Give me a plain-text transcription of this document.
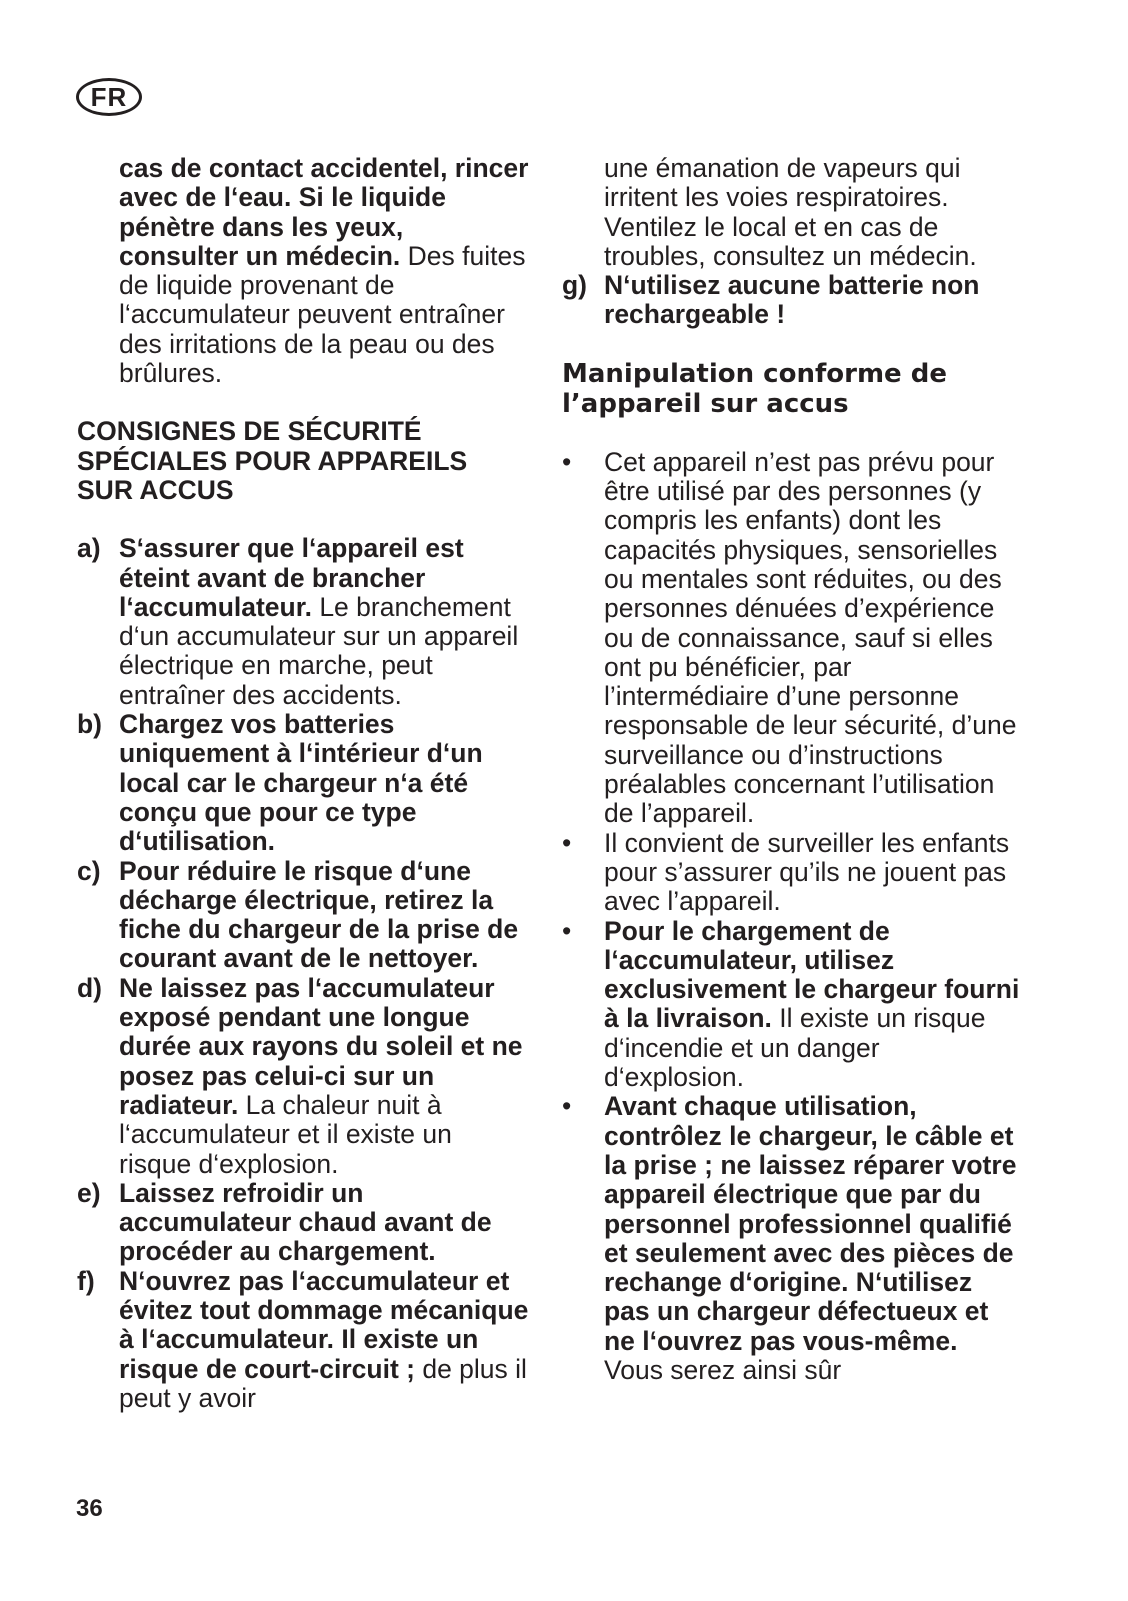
FR
cas de contact accidentel, rincer avec de l‘eau. Si le liquide pénètre dans les yeux, consulter un médecin. Des fuites de liquide provenant de l‘accumulateur peuvent entraîner des irritations de la peau ou des brûlures.
CONSIGNES DE SÉCURITÉ SPÉCIALES POUR APPAREILS SUR ACCUS
a) S‘assurer que l‘appareil est éteint avant de brancher l‘accumulateur. Le branchement d‘un accumulateur sur un appareil électrique en marche, peut entraîner des accidents.
b) Chargez vos batteries uniquement à l‘intérieur d‘un local car le chargeur n‘a été conçu que pour ce type d‘utilisation.
c) Pour réduire le risque d‘une décharge électrique, retirez la fiche du chargeur de la prise de courant avant de le nettoyer.
d) Ne laissez pas l‘accumulateur exposé pendant une longue durée aux rayons du soleil et ne posez pas celui-ci sur un radiateur. La chaleur nuit à l‘accumulateur et il existe un risque d‘explosion.
e) Laissez refroidir un accumulateur chaud avant de procéder au chargement.
f) N‘ouvrez pas l‘accumulateur et évitez tout dommage mécanique à l‘accumulateur. Il existe un risque de court-circuit ; de plus il peut y avoir
une émanation de vapeurs qui irritent les voies respiratoires. Ventilez le local et en cas de troubles, consultez un médecin.
g) N‘utilisez aucune batterie non rechargeable !
Manipulation conforme de l’appareil sur accus
•	Cet appareil n’est pas prévu pour être utilisé par des personnes (y compris les enfants) dont les capacités physiques, sensorielles ou mentales sont réduites, ou des personnes dénuées d’expérience ou de connaissance, sauf si elles ont pu bénéficier, par l’intermédiaire d’une personne responsable de leur sécurité, d’une surveillance ou d’instructions préalables concernant l’utilisation de l’appareil.
•	Il convient de surveiller les enfants pour s’assurer qu’ils ne jouent pas avec l’appareil.
•	Pour le chargement de l‘accumulateur, utilisez exclusivement le chargeur fourni à la livraison. Il existe un risque d‘incendie et un danger d‘explosion.
•	Avant chaque utilisation, contrôlez le chargeur, le câble et la prise ; ne laissez réparer votre appareil électrique que par du personnel professionnel qualifié et seulement avec des pièces de rechange d‘origine. N‘utilisez pas un chargeur défectueux et ne l‘ouvrez pas vous-même. Vous serez ainsi sûr
36
